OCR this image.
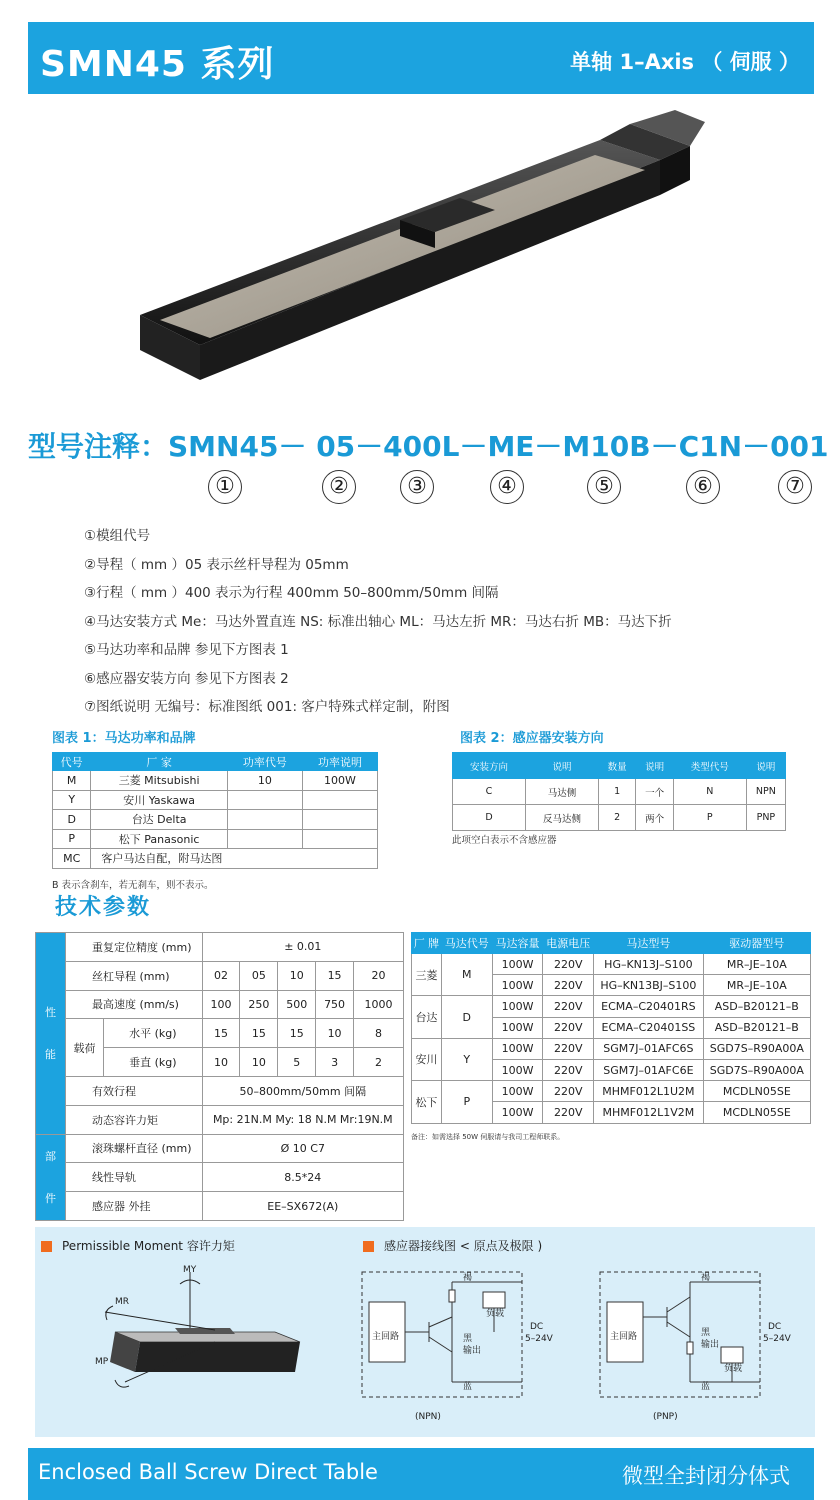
SMN45 系列	单轴 1–Axis （ 伺服 ）
型号注释：SMN45－ 05－400L－ME－M10B－C1N－001
①	②	③	④	⑤	⑥	⑦
①模组代号
②导程（ mm ）05 表示丝杆导程为 05mm
③行程（ mm ）400 表示为行程 400mm 50–800mm/50mm 间隔
④马达安装方式 Me：马达外置直连 NS: 标准出轴心 ML：马达左折 MR：马达右折 MB：马达下折
⑤马达功率和品牌 参见下方图表 1
⑥感应器安装方向 参见下方图表 2
⑦图纸说明 无编号：标准图纸 001: 客户特殊式样定制，附图
图表 1：马达功率和品牌
代号	厂 家	功率代号	功率说明
M	三菱 Mitsubishi	10	100W
Y	安川 Yaskawa		
D	台达 Delta		
P	松下 Panasonic		
MC	客户马达自配，附马达图		
B 表示含刹车，若无刹车，则不表示。
图表 2：感应器安装方向
安装方向	说明	数量	说明	类型代号	说明
C	马达侧	1	一个	N	NPN
D	反马达侧	2	两个	P	PNP
此项空白表示不含感应器
技术参数
性

能	重复定位精度 (mm)		± 0.01				
	丝杠导程 (mm)		02	05	10	15	20
	最高速度 (mm/s)		100	250	500	750	1000
	载荷	水平 (kg)	15	15	15	10	8
		垂直 (kg)	10	10	5	3	2
	有效行程		50–800mm/50mm 间隔				
	动态容许力矩		Mp: 21N.M My: 18 N.M Mr:19N.M				
部

件	滚珠螺杆直径 (mm)		Ø 10 C7				
	线性导轨		8.5*24				
	感应器 外挂		EE–SX672(A)				
厂 牌	马达代号	马达容量	电源电压	马达型号	驱动器型号
三菱	M	100W	220V	HG–KN13J–S100	MR–JE–10A
		100W	220V	HG–KN13BJ–S100	MR–JE–10A
台达	D	100W	220V	ECMA–C20401RS	ASD–B20121–B
		100W	220V	ECMA–C20401SS	ASD–B20121–B
安川	Y	100W	220V	SGM7J–01AFC6S	SGD7S–R90A00A
		100W	220V	SGM7J–01AFC6E	SGD7S–R90A00A
松下	P	100W	220V	MHMF012L1U2M	MCDLN05SE
		100W	220V	MHMF012L1V2M	MCDLN05SE
备注：如需选择 50W 伺服请与我司工程师联系。
Permissible Moment 容许力矩	感应器接线图 < 原点及极限 )
MY
MR
MP
褐
黑
输出
蓝
主回路
负载
DC
5–24V
(NPN)
褐
黑
输出
蓝
主回路
负载
DC
5–24V
(PNP)
Enclosed Ball Screw Direct Table	微型全封闭分体式
